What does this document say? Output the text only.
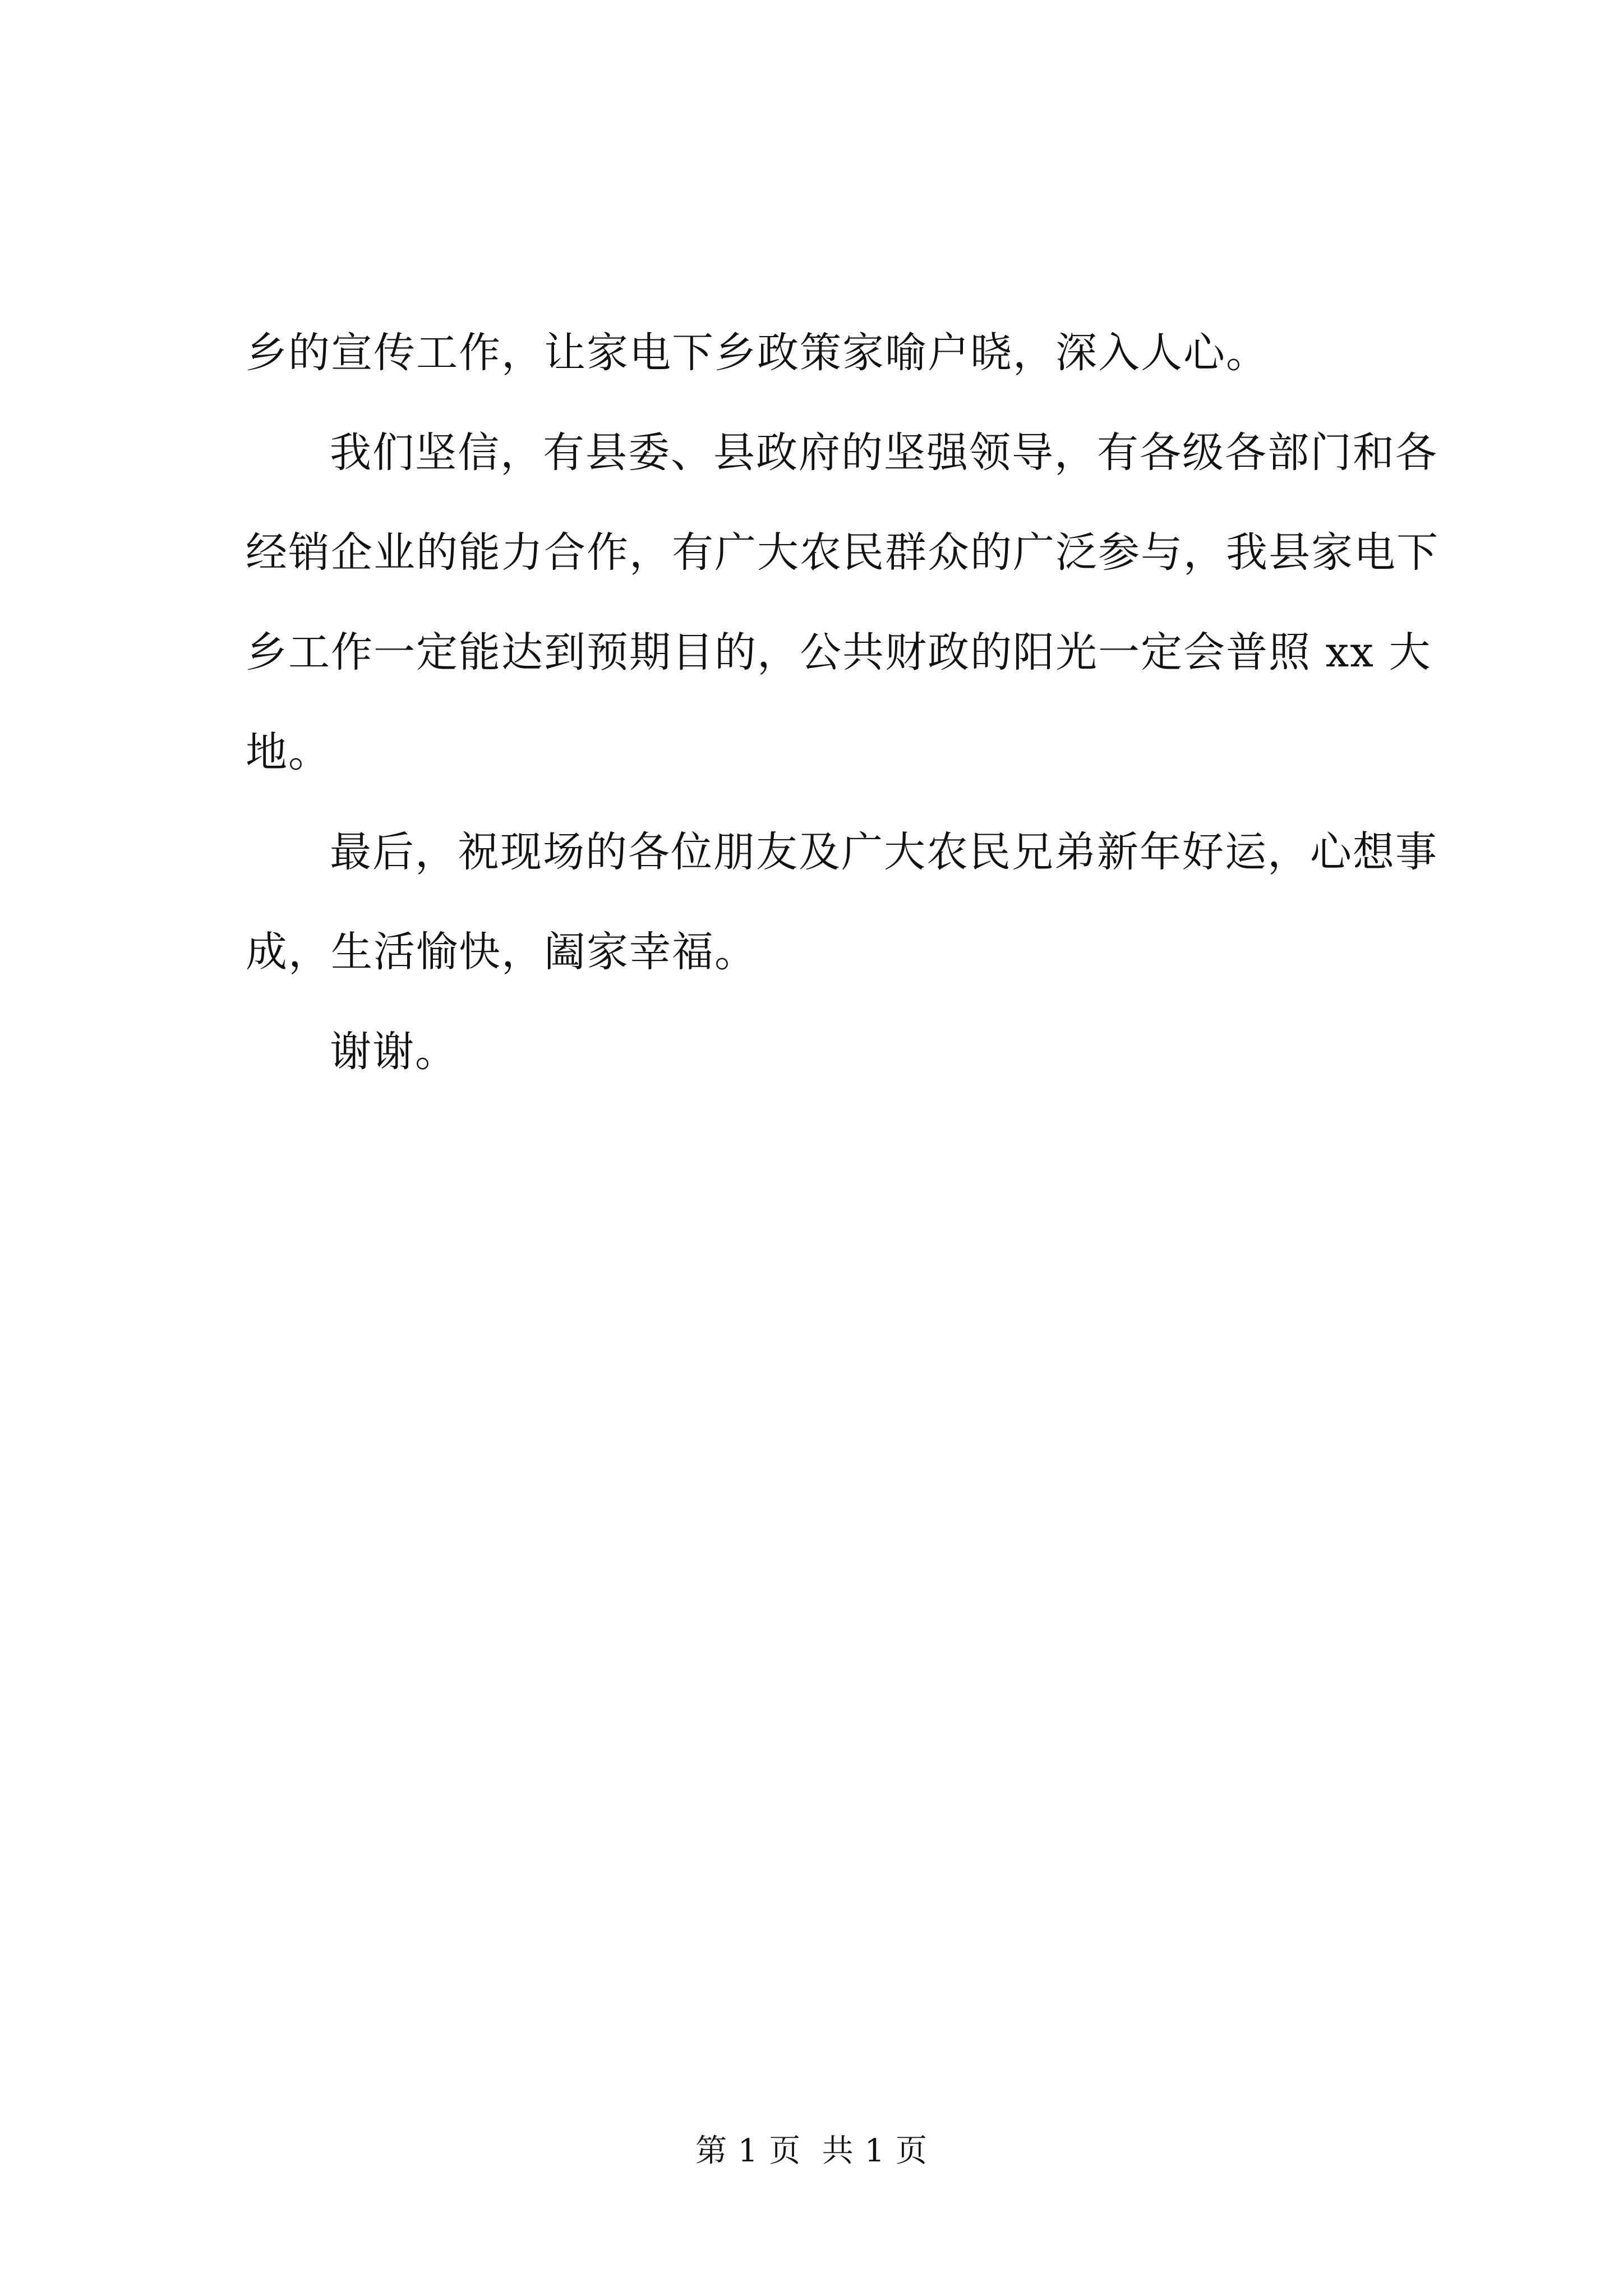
乡的宣传工作，让家电下乡政策家喻户晓，深入人心。

我们坚信，有县委、县政府的坚强领导，有各级各部门和各
经销企业的能力合作，有广大农民群众的广泛参与，我县家电下
乡工作一定能达到预期目的，公共财政的阳光一定会普照 xx 大
地。

最后，祝现场的各位朋友及广大农民兄弟新年好运，心想事
成，生活愉快，阖家幸福。

谢谢。

第 1 页  共 1 页
